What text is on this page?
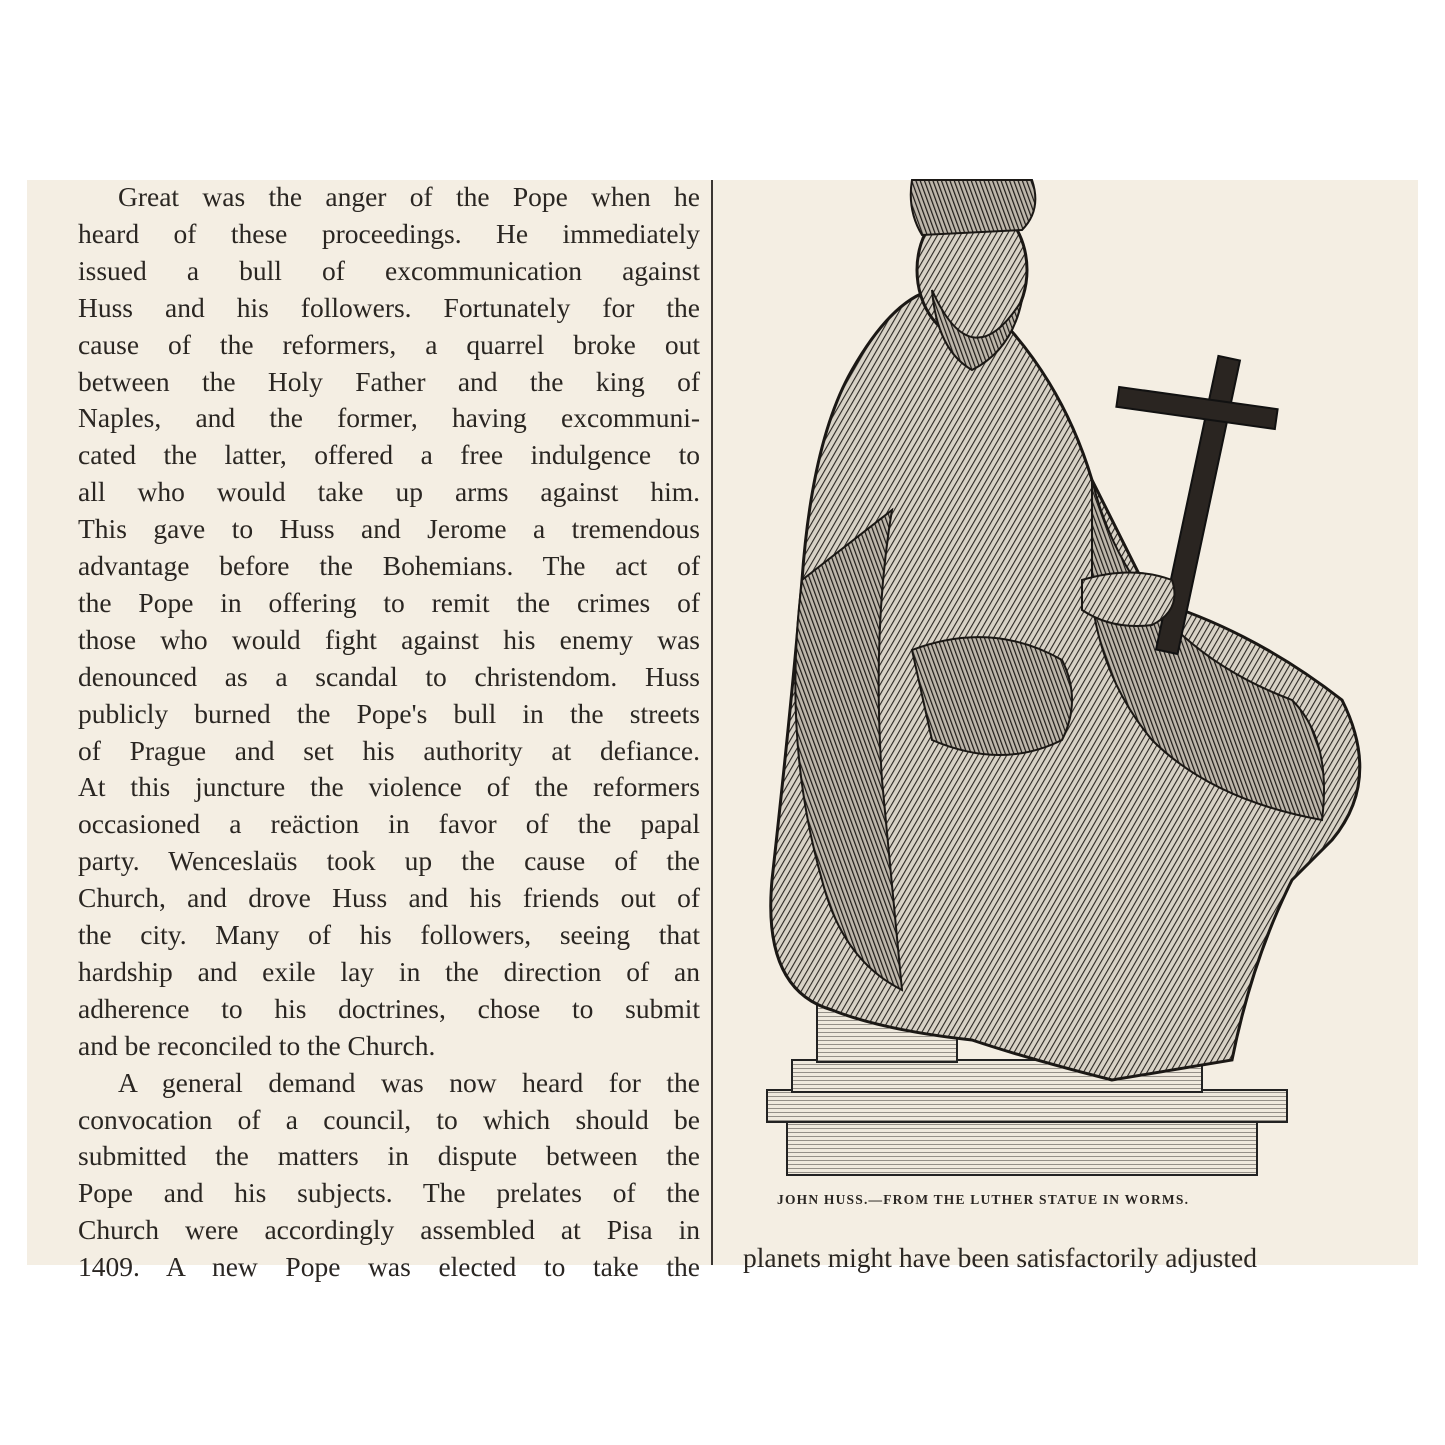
Great was the anger of the Pope when he
heard of these proceedings. He immediately
issued a bull of excommunication against
Huss and his followers. Fortunately for the
cause of the reformers, a quarrel broke out
between the Holy Father and the king of
Naples, and the former, having excommuni-
cated the latter, offered a free indulgence to
all who would take up arms against him.
This gave to Huss and Jerome a tremendous
advantage before the Bohemians. The act of
the Pope in offering to remit the crimes of
those who would fight against his enemy was
denounced as a scandal to christendom. Huss
publicly burned the Pope's bull in the streets
of Prague and set his authority at defiance.
At this juncture the violence of the reformers
occasioned a reäction in favor of the papal
party. Wenceslaüs took up the cause of the
Church, and drove Huss and his friends out of
the city. Many of his followers, seeing that
hardship and exile lay in the direction of an
adherence to his doctrines, chose to submit
and be reconciled to the Church.
A general demand was now heard for the
convocation of a council, to which should be
submitted the matters in dispute between the
Pope and his subjects. The prelates of the
Church were accordingly assembled at Pisa in
1409. A new Pope was elected to take the
JOHN HUSS.—FROM THE LUTHER STATUE IN WORMS.
planets might have been satisfactorily adjusted
